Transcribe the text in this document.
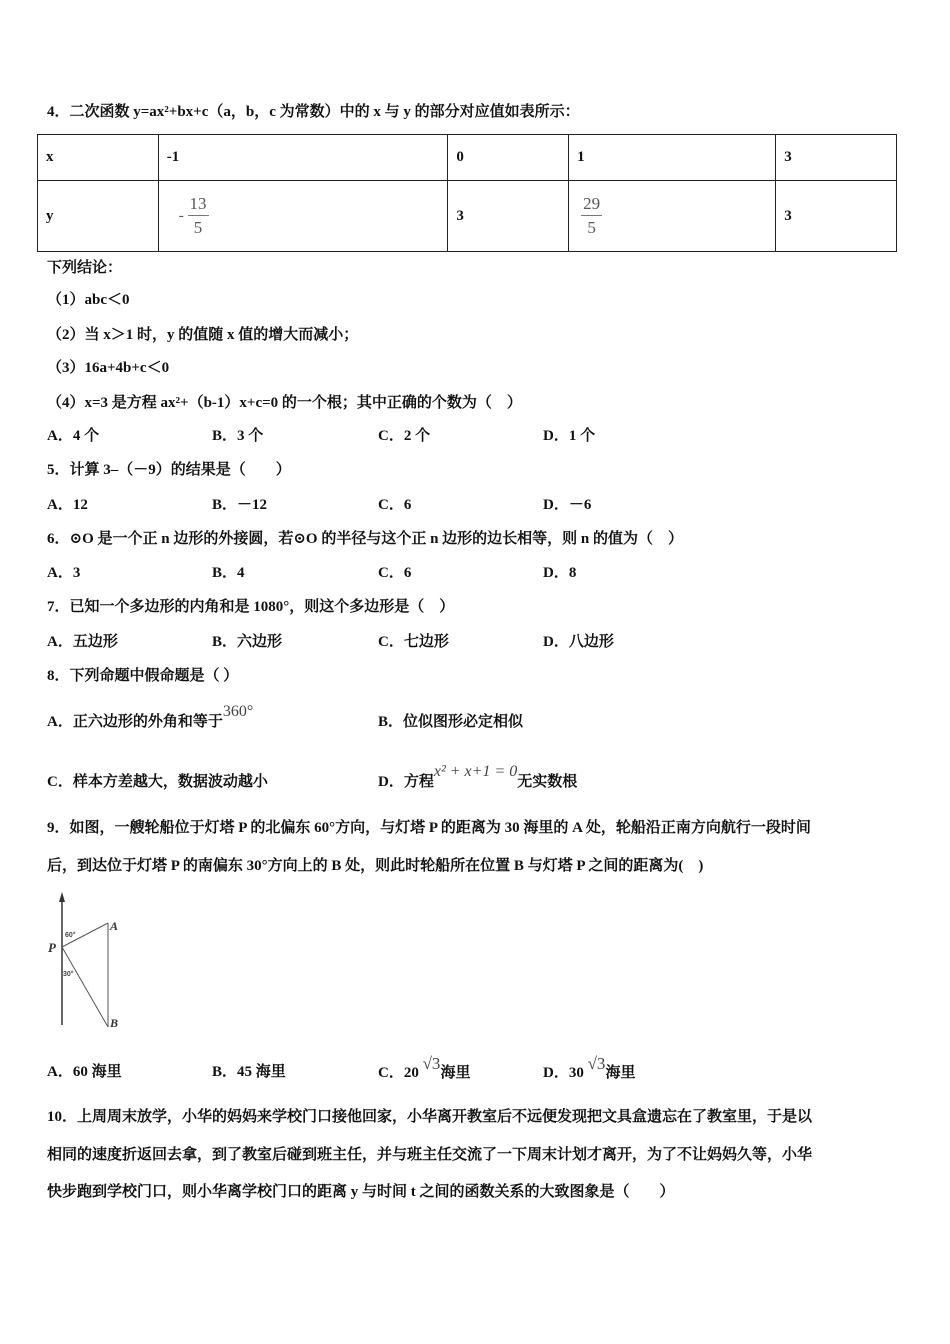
4．二次函数 y=ax²+bx+c（a，b，c 为常数）中的 x 与 y 的部分对应值如表所示：
x	-1	0	1	3
y	- $\frac{13}{5}$	3	$\frac{29}{5}$	3
下列结论：
（1）abc＜0
（2）当 x＞1 时，y 的值随 x 值的增大而减小；
（3）16a+4b+c＜0
（4）x=3 是方程 ax²+（b-1）x+c=0 的一个根；其中正确的个数为（　）
A．4 个	B．3 个	C．2 个	D．1 个
5．计算 3–（－9）的结果是（　　）
A．12	B．－12	C．6	D．－6
6．⊙O 是一个正 n 边形的外接圆，若⊙O 的半径与这个正 n 边形的边长相等，则 n 的值为（　）
A．3	B．4	C．6	D．8
7．已知一个多边形的内角和是 1080°，则这个多边形是（　）
A．五边形	B．六边形	C．七边形	D．八边形
8．下列命题中假命题是（ ）
A．正六边形的外角和等于360°
B．位似图形必定相似
C．样本方差越大，数据波动越小	D．方程x² + x+1 = 0无实数根
9．如图，一艘轮船位于灯塔 P 的北偏东 60°方向，与灯塔 P 的距离为 30 海里的 A 处，轮船沿正南方向航行一段时间
后，到达位于灯塔 P 的南偏东 30°方向上的 B 处，则此时轮船所在位置 B 与灯塔 P 之间的距离为(　)
P
A
B
60°
30°
A．60 海里	B．45 海里	C．20 √3海里	D．30 √3海里
10．上周周末放学，小华的妈妈来学校门口接他回家，小华离开教室后不远便发现把文具盒遗忘在了教室里，于是以
相同的速度折返回去拿，到了教室后碰到班主任，并与班主任交流了一下周末计划才离开，为了不让妈妈久等，小华
快步跑到学校门口，则小华离学校门口的距离 y 与时间 t 之间的函数关系的大致图象是（　　）
